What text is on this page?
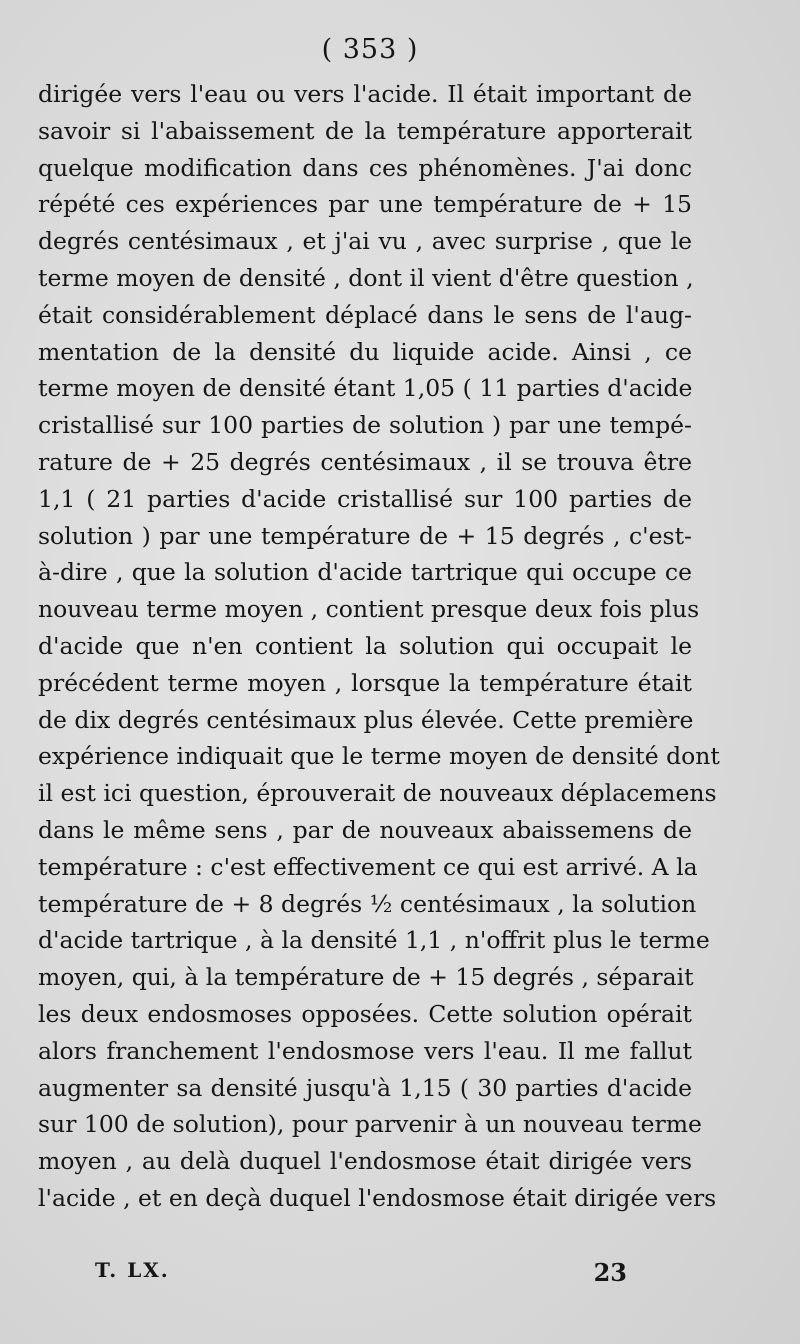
( 353 )
dirigée vers l'eau ou vers l'acide. Il était important de
savoir si l'abaissement de la température apporterait
quelque modification dans ces phénomènes. J'ai donc
répété ces expériences par une température de + 15
degrés centésimaux , et j'ai vu , avec surprise , que le
terme moyen de densité , dont il vient d'être question ,
était considérablement déplacé dans le sens de l'aug-
mentation de la densité du liquide acide. Ainsi , ce
terme moyen de densité étant 1,05 ( 11 parties d'acide
cristallisé sur 100 parties de solution ) par une tempé-
rature de + 25 degrés centésimaux , il se trouva être
1,1 ( 21 parties d'acide cristallisé sur 100 parties de
solution ) par une température de + 15 degrés , c'est-
à-dire , que la solution d'acide tartrique qui occupe ce
nouveau terme moyen , contient presque deux fois plus
d'acide que n'en contient la solution qui occupait le
précédent terme moyen , lorsque la température était
de dix degrés centésimaux plus élevée. Cette première
expérience indiquait que le terme moyen de densité dont
il est ici question, éprouverait de nouveaux déplacemens
dans le même sens , par de nouveaux abaissemens de
température : c'est effectivement ce qui est arrivé. A la
température de + 8 degrés ½ centésimaux , la solution
d'acide tartrique , à la densité 1,1 , n'offrit plus le terme
moyen, qui, à la température de + 15 degrés , séparait
les deux endosmoses opposées. Cette solution opérait
alors franchement l'endosmose vers l'eau. Il me fallut
augmenter sa densité jusqu'à 1,15 ( 30 parties d'acide
sur 100 de solution), pour parvenir à un nouveau terme
moyen , au delà duquel l'endosmose était dirigée vers
l'acide , et en deçà duquel l'endosmose était dirigée vers
T. LX.	23
